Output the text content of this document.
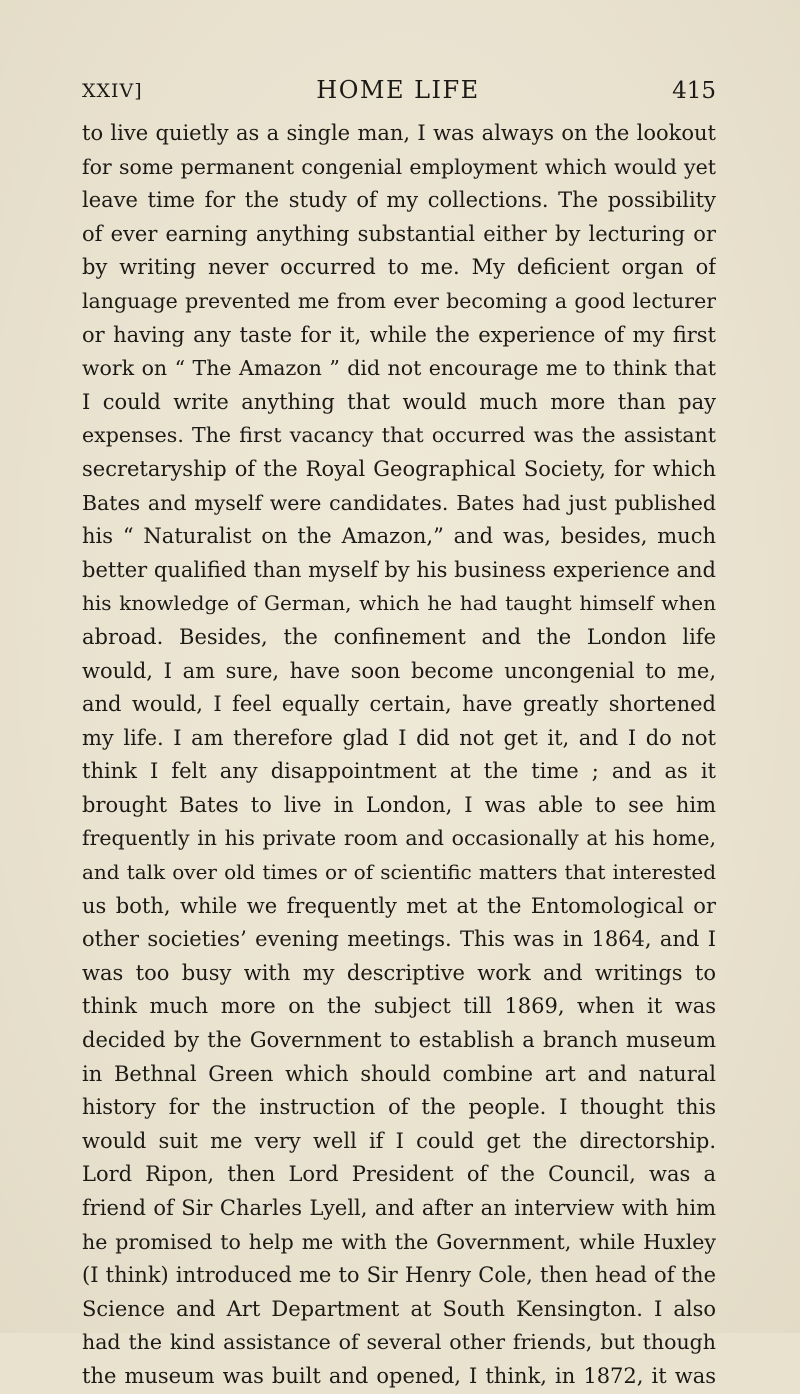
XXIV]	HOME LIFE	415
to live quietly as a single man, I was always on the lookout
for some permanent congenial employment which would yet
leave time for the study of my collections. The possibility
of ever earning anything substantial either by lecturing or
by writing never occurred to me. My deficient organ of
language prevented me from ever becoming a good lecturer
or having any taste for it, while the experience of my first
work on “ The Amazon ” did not encourage me to think that
I could write anything that would much more than pay
expenses. The first vacancy that occurred was the assistant
secretaryship of the Royal Geographical Society, for which
Bates and myself were candidates. Bates had just published
his “ Naturalist on the Amazon,” and was, besides, much
better qualified than myself by his business experience and
his knowledge of German, which he had taught himself when
abroad. Besides, the confinement and the London life
would, I am sure, have soon become uncongenial to me,
and would, I feel equally certain, have greatly shortened
my life. I am therefore glad I did not get it, and I do not
think I felt any disappointment at the time ; and as it
brought Bates to live in London, I was able to see him
frequently in his private room and occasionally at his home,
and talk over old times or of scientific matters that interested
us both, while we frequently met at the Entomological or
other societies’ evening meetings. This was in 1864, and I
was too busy with my descriptive work and writings to
think much more on the subject till 1869, when it was
decided by the Government to establish a branch museum
in Bethnal Green which should combine art and natural
history for the instruction of the people. I thought this
would suit me very well if I could get the directorship.
Lord Ripon, then Lord President of the Council, was a
friend of Sir Charles Lyell, and after an interview with him
he promised to help me with the Government, while Huxley
(I think) introduced me to Sir Henry Cole, then head of the
Science and Art Department at South Kensington. I also
had the kind assistance of several other friends, but though
the museum was built and opened, I think, in 1872, it was
